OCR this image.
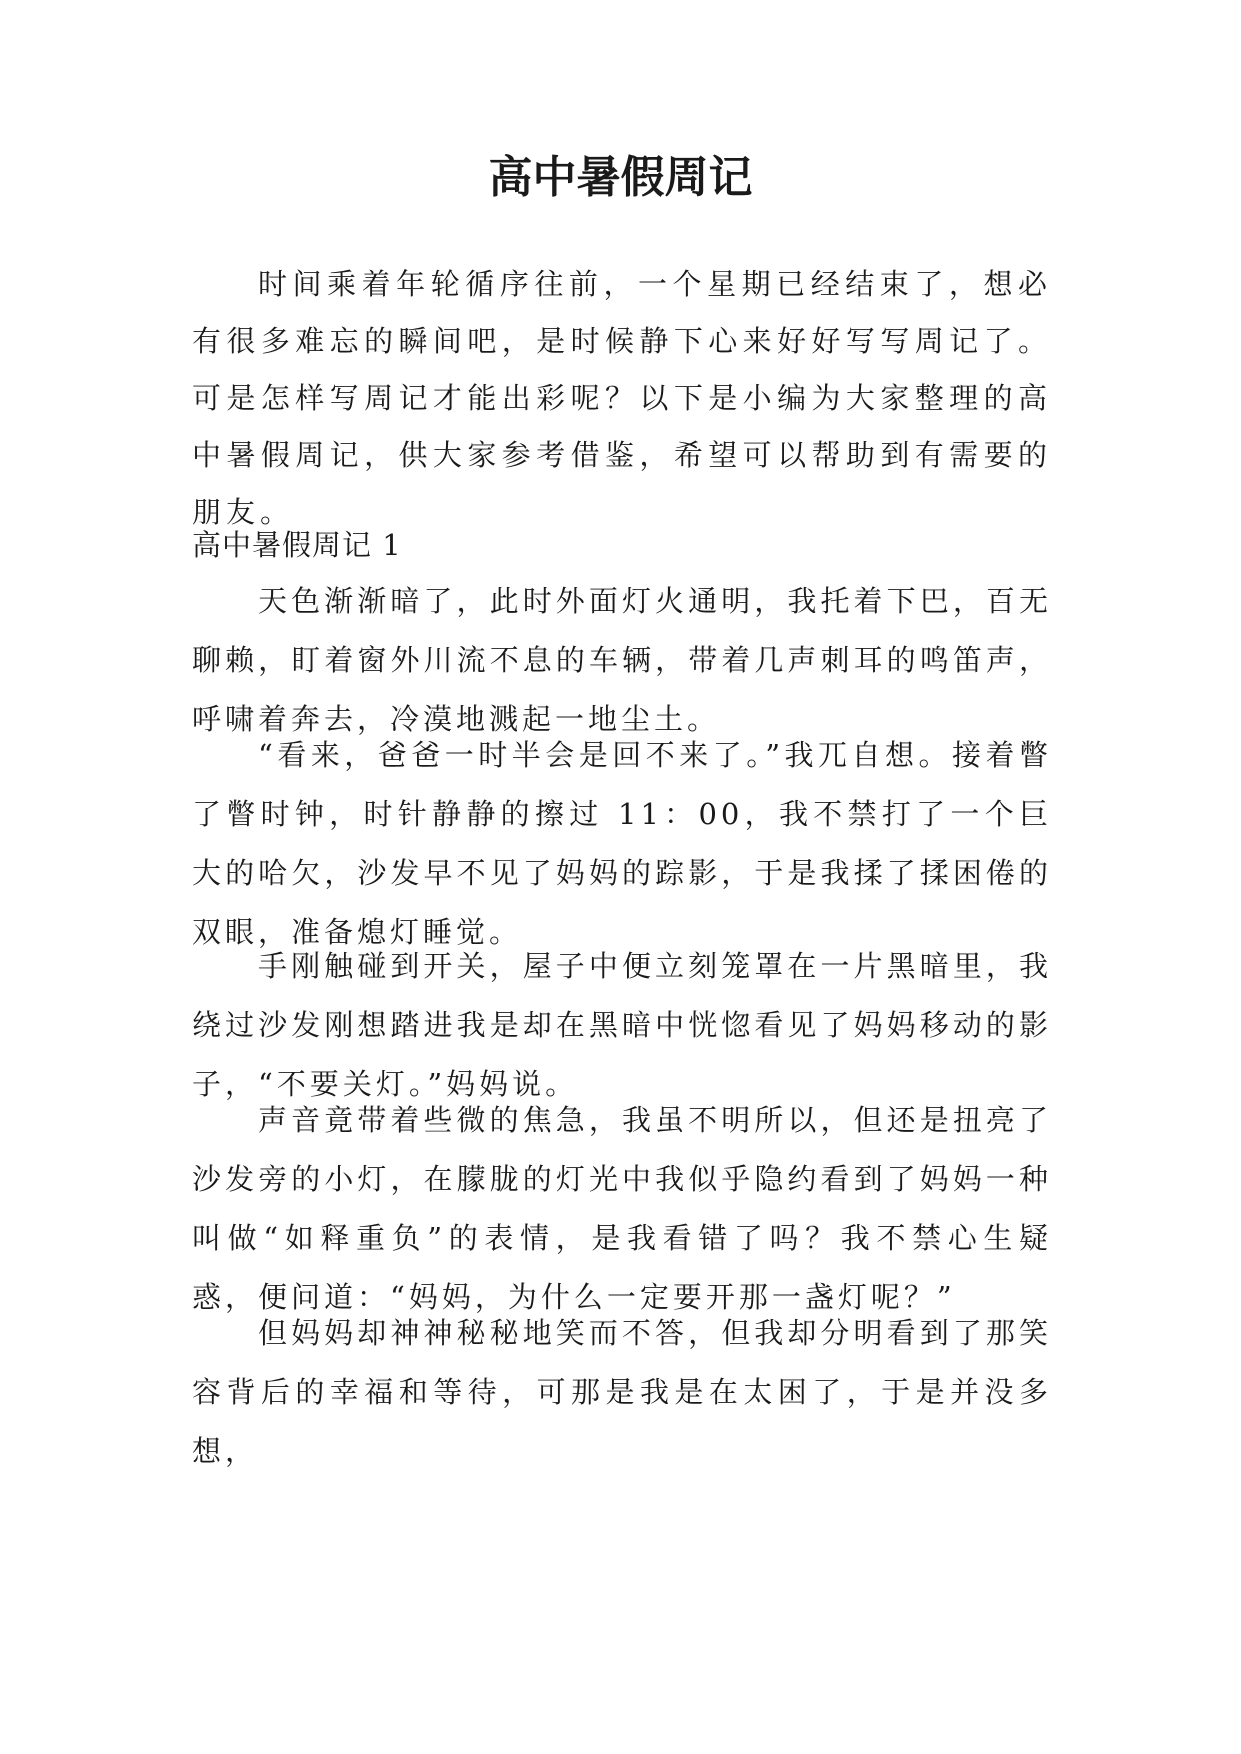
高中暑假周记

时间乘着年轮循序往前，一个星期已经结束了，想必有很多难忘的瞬间吧，是时候静下心来好好写写周记了。可是怎样写周记才能出彩呢？以下是小编为大家整理的高中暑假周记，供大家参考借鉴，希望可以帮助到有需要的朋友。

高中暑假周记 1

天色渐渐暗了，此时外面灯火通明，我托着下巴，百无聊赖，盯着窗外川流不息的车辆，带着几声刺耳的鸣笛声，呼啸着奔去，冷漠地溅起一地尘土。

“看来，爸爸一时半会是回不来了。”我兀自想。接着瞥了瞥时钟，时针静静的擦过 11：00，我不禁打了一个巨大的哈欠，沙发早不见了妈妈的踪影，于是我揉了揉困倦的双眼，准备熄灯睡觉。

手刚触碰到开关，屋子中便立刻笼罩在一片黑暗里，我绕过沙发刚想踏进我是却在黑暗中恍惚看见了妈妈移动的影子，“不要关灯。”妈妈说。

声音竟带着些微的焦急，我虽不明所以，但还是扭亮了沙发旁的小灯，在朦胧的灯光中我似乎隐约看到了妈妈一种叫做“如释重负”的表情，是我看错了吗？我不禁心生疑惑，便问道：“妈妈，为什么一定要开那一盏灯呢？”

但妈妈却神神秘秘地笑而不答，但我却分明看到了那笑容背后的幸福和等待，可那是我是在太困了，于是并没多想，
